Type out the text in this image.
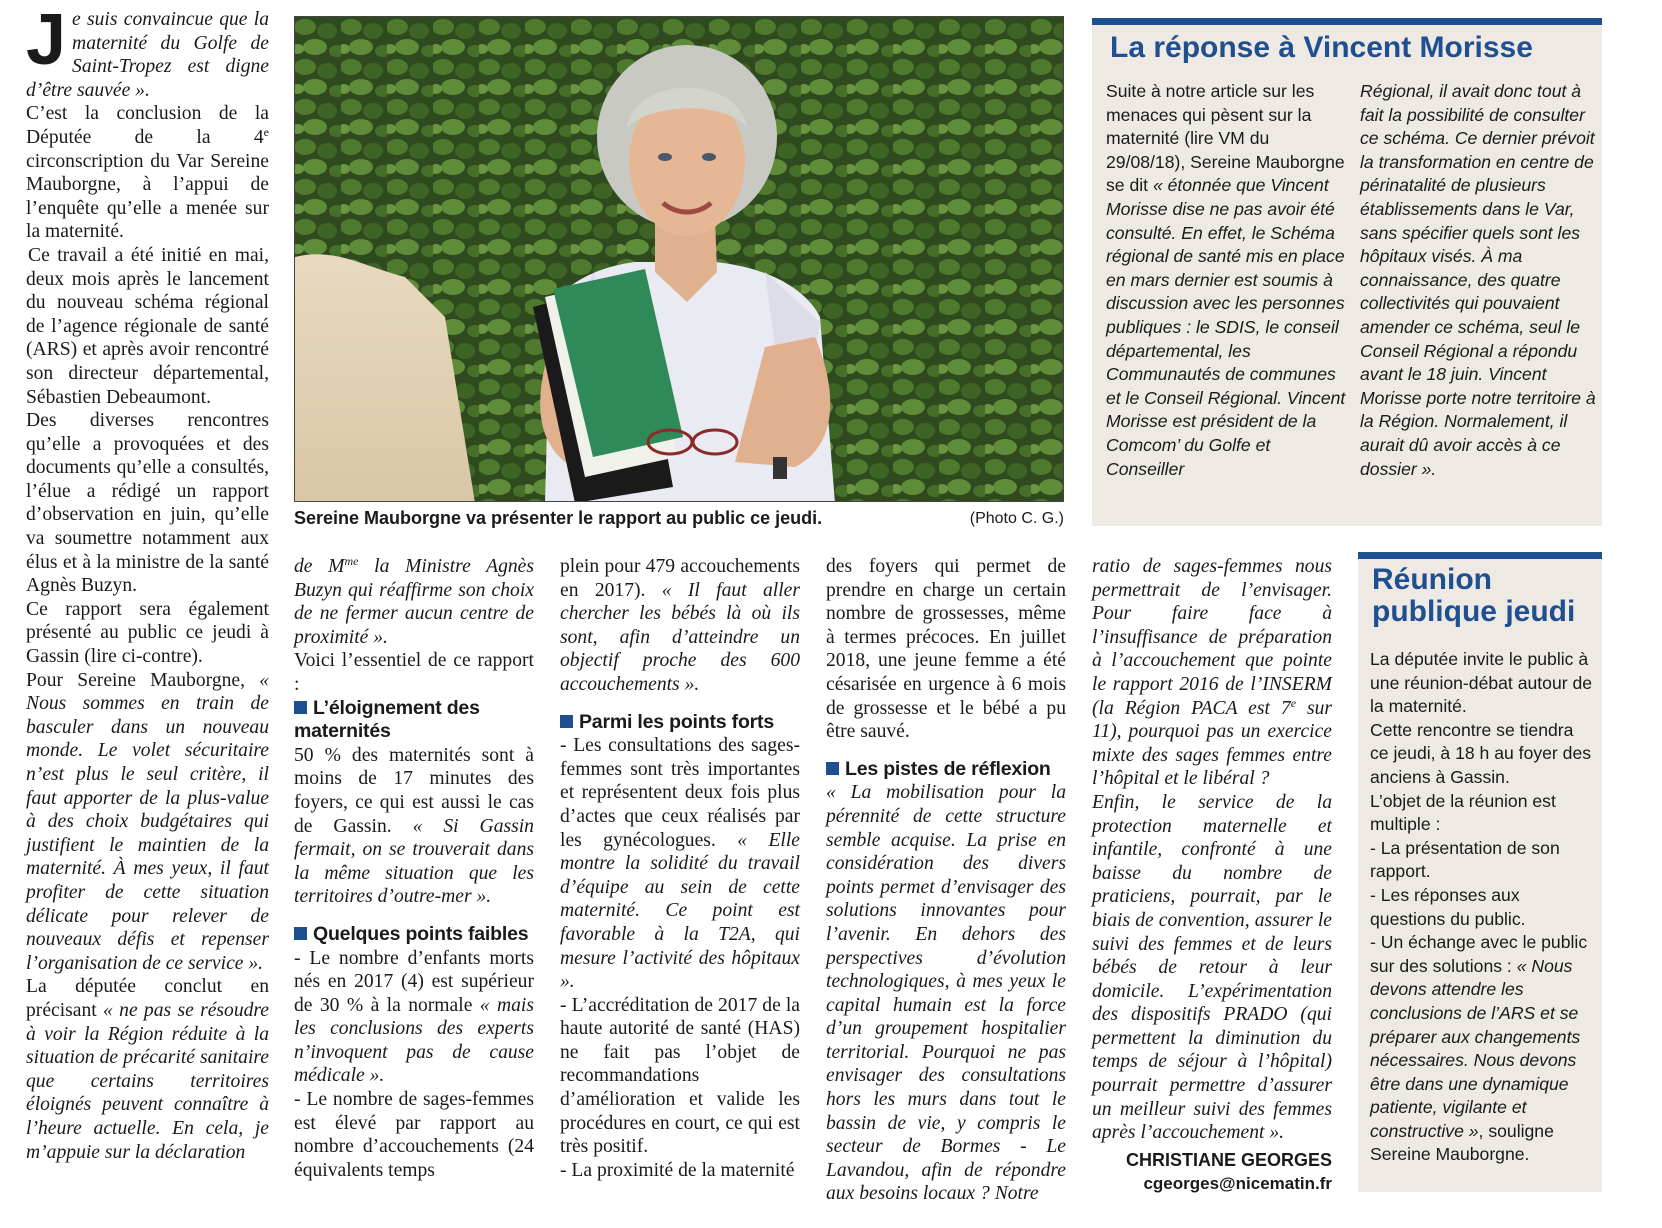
Je suis convaincue que la maternité du Golfe de Saint-Tropez est digne d’être sauvée ».

C’est la conclusion de la Députée de la 4e circonscription du Var Sereine Mauborgne, à l’appui de l’enquête qu’elle a menée sur la maternité.

Ce travail a été initié en mai, deux mois après le lancement du nouveau schéma régional de l’agence régionale de santé (ARS) et après avoir rencontré son directeur départemental, Sébastien Debeaumont.

Des diverses rencontres qu’elle a provoquées et des documents qu’elle a consultés, l’élue a rédigé un rapport d’observation en juin, qu’elle va soumettre notamment aux élus et à la ministre de la santé Agnès Buzyn.

Ce rapport sera également présenté au public ce jeudi à Gassin (lire ci-contre).

Pour Sereine Mauborgne, « Nous sommes en train de basculer dans un nouveau monde. Le volet sécuritaire n’est plus le seul critère, il faut apporter de la plus-value à des choix budgétaires qui justifient le maintien de la maternité. À mes yeux, il faut profiter de cette situation délicate pour relever de nouveaux défis et repenser l’organisation de ce service ».

La députée conclut en précisant « ne pas se résoudre à voir la Région réduite à la situation de précarité sanitaire que certains territoires éloignés peuvent connaître à l’heure actuelle. En cela, je m’appuie sur la déclaration

Sereine Mauborgne va présenter le rapport au public ce jeudi.	(Photo C. G.)

de $M^{me}$ la Ministre Agnès Buzyn qui réaffirme son choix de ne fermer aucun centre de proximité ».

Voici l’essentiel de ce rapport :

L’éloignement des maternités

50 % des maternités sont à moins de 17 minutes des foyers, ce qui est aussi le cas de Gassin. « Si Gassin fermait, on se trouverait dans la même situation que les territoires d’outre-mer ».

Quelques points faibles

- Le nombre d’enfants morts nés en 2017 (4) est supérieur de 30 % à la normale « mais les conclusions des experts n’invoquent pas de cause médicale ».

- Le nombre de sages-femmes est élevé par rapport au nombre d’accouchements (24 équivalents temps

plein pour 479 accouchements en 2017). « Il faut aller chercher les bébés là où ils sont, afin d’atteindre un objectif proche des 600 accouchements ».

Parmi les points forts

- Les consultations des sages-femmes sont très importantes et représentent deux fois plus d’actes que ceux réalisés par les gynécologues. « Elle montre la solidité du travail d’équipe au sein de cette maternité. Ce point est favorable à la T2A, qui mesure l’activité des hôpitaux ».

- L’accréditation de 2017 de la haute autorité de santé (HAS) ne fait pas l’objet de recommandations d’amélioration et valide les procédures en court, ce qui est très positif.

- La proximité de la maternité

des foyers qui permet de prendre en charge un certain nombre de grossesses, même à termes précoces. En juillet 2018, une jeune femme a été césarisée en urgence à 6 mois de grossesse et le bébé a pu être sauvé.

Les pistes de réflexion

« La mobilisation pour la pérennité de cette structure semble acquise. La prise en considération des divers points permet d’envisager des solutions innovantes pour l’avenir. En dehors des perspectives d’évolution technologiques, à mes yeux le capital humain est la force d’un groupement hospitalier territorial. Pourquoi ne pas envisager des consultations hors les murs dans tout le bassin de vie, y compris le secteur de Bormes - Le Lavandou, afin de répondre aux besoins locaux ? Notre

ratio de sages-femmes nous permettrait de l’envisager. Pour faire face à l’insuffisance de préparation à l’accouchement que pointe le rapport 2016 de l’INSERM (la Région PACA est 7e sur 11), pourquoi pas un exercice mixte des sages femmes entre l’hôpital et le libéral ?

Enfin, le service de la protection maternelle et infantile, confronté à une baisse du nombre de praticiens, pourrait, par le biais de convention, assurer le suivi des femmes et de leurs bébés de retour à leur domicile. L’expérimentation des dispositifs PRADO (qui permettent la diminution du temps de séjour à l’hôpital) pourrait permettre d’assurer un meilleur suivi des femmes après l’accouchement ».

CHRISTIANE GEORGES
cgeorges@nicematin.fr
La réponse à Vincent Morisse

Suite à notre article sur les menaces qui pèsent sur la maternité (lire VM du 29/08/18), Sereine Mauborgne se dit « étonnée que Vincent Morisse dise ne pas avoir été consulté. En effet, le Schéma régional de santé mis en place en mars dernier est soumis à discussion avec les personnes publiques : le SDIS, le conseil départemental, les Communautés de communes et le Conseil Régional. Vincent Morisse est président de la Comcom’ du Golfe et Conseiller

Régional, il avait donc tout à fait la possibilité de consulter ce schéma. Ce dernier prévoit la transformation en centre de périnatalité de plusieurs établissements dans le Var, sans spécifier quels sont les hôpitaux visés. À ma connaissance, des quatre collectivités qui pouvaient amender ce schéma, seul le Conseil Régional a répondu avant le 18 juin. Vincent Morisse porte notre territoire à la Région. Normalement, il aurait dû avoir accès à ce dossier ».

Réunion publique jeudi

La députée invite le public à une réunion-débat autour de la maternité.

Cette rencontre se tiendra ce jeudi, à 18 h au foyer des anciens à Gassin.

L’objet de la réunion est multiple :

- La présentation de son rapport.

- Les réponses aux questions du public.

- Un échange avec le public sur des solutions : « Nous devons attendre les conclusions de l’ARS et se préparer aux changements nécessaires. Nous devons être dans une dynamique patiente, vigilante et constructive », souligne Sereine Mauborgne.
